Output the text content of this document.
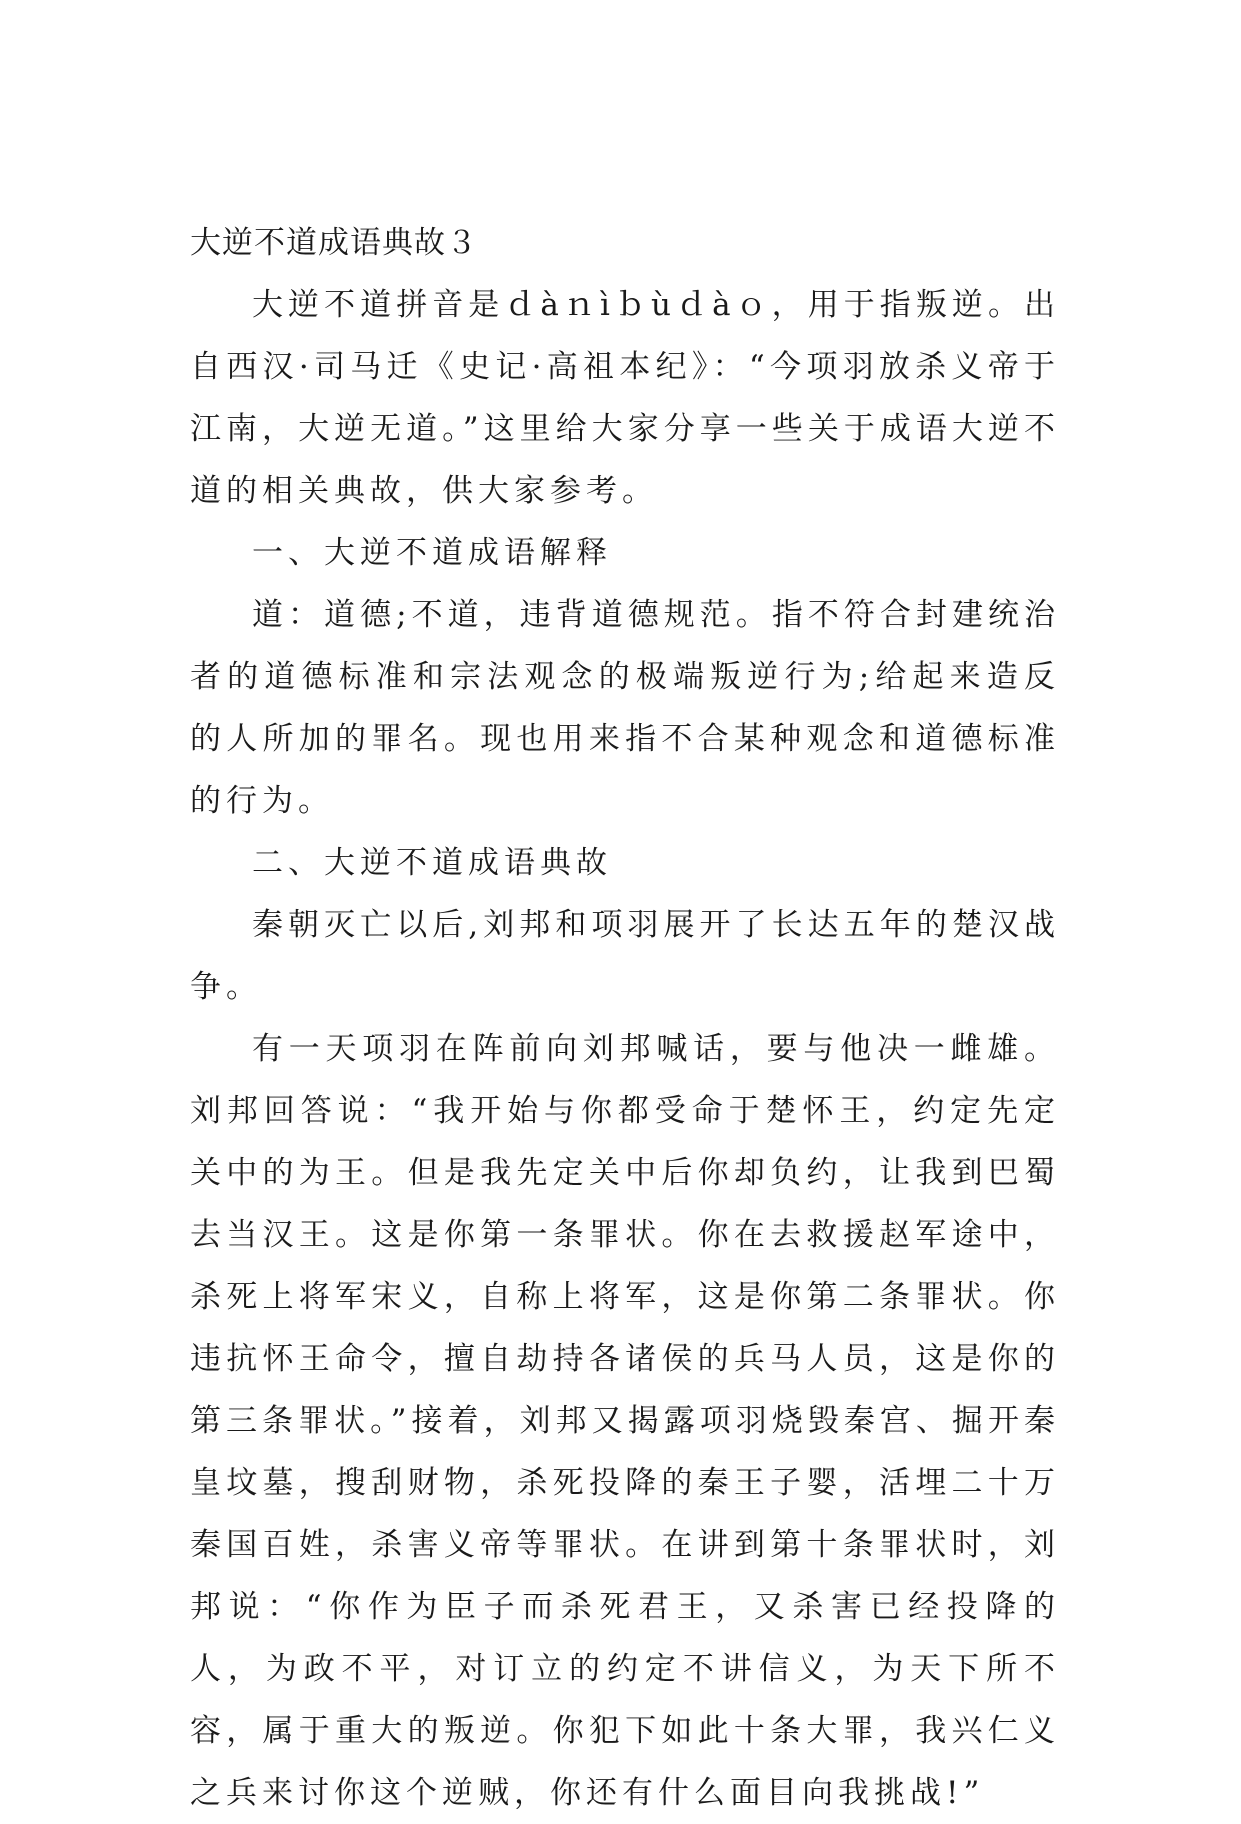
大逆不道成语典故３

大逆不道拼音是ｄàｎìｂùｄàｏ，用于指叛逆。出自西汉·司马迁《史记·高祖本纪》：“今项羽放杀义帝于江南，大逆无道。”这里给大家分享一些关于成语大逆不道的相关典故，供大家参考。

一、大逆不道成语解释

道：道德;不道，违背道德规范。指不符合封建统治者的道德标准和宗法观念的极端叛逆行为;给起来造反的人所加的罪名。现也用来指不合某种观念和道德标准的行为。

二、大逆不道成语典故

秦朝灭亡以后,刘邦和项羽展开了长达五年的楚汉战争。

有一天项羽在阵前向刘邦喊话，要与他决一雌雄。刘邦回答说：“我开始与你都受命于楚怀王，约定先定关中的为王。但是我先定关中后你却负约，让我到巴蜀去当汉王。这是你第一条罪状。你在去救援赵军途中，杀死上将军宋义，自称上将军，这是你第二条罪状。你违抗怀王命令，擅自劫持各诸侯的兵马人员，这是你的第三条罪状。”接着，刘邦又揭露项羽烧毁秦宫、掘开秦皇坟墓，搜刮财物，杀死投降的秦王子婴，活埋二十万秦国百姓，杀害义帝等罪状。在讲到第十条罪状时，刘邦说：“你作为臣子而杀死君王，又杀害已经投降的人，为政不平，对订立的约定不讲信义，为天下所不容，属于重大的叛逆。你犯下如此十条大罪，我兴仁义之兵来讨你这个逆贼，你还有什么面目向我挑战!”
